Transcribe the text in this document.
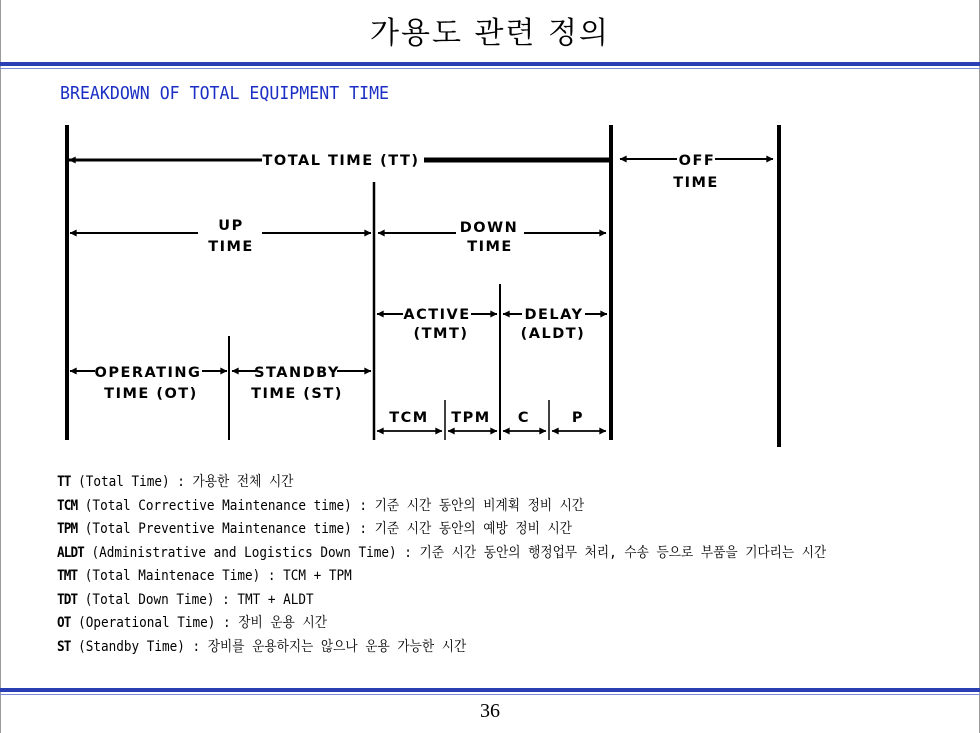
가용도 관련 정의
BREAKDOWN OF TOTAL EQUIPMENT TIME
TOTAL TIME (TT)	OFF
TIME
UP
TIME
DOWN
TIME
ACTIVE
(TMT)
DELAY
(ALDT)
OPERATING
TIME (OT)
STANDBY
TIME (ST)
TCM TPM C	P
TT (Total Time) : 가용한 전체 시간
TCM (Total Corrective Maintenance time) : 기준 시간 동안의 비계획 정비 시간
TPM (Total Preventive Maintenance time) : 기준 시간 동안의 예방 정비 시간
ALDT (Administrative and Logistics Down Time) : 기준 시간 동안의 행정업무 처리, 수송 등으로 부품을 기다리는 시간
TMT (Total Maintenace Time) : TCM + TPM
TDT (Total Down Time) : TMT + ALDT
OT (Operational Time) : 장비 운용 시간
ST (Standby Time) : 장비를 운용하지는 않으나 운용 가능한 시간
36
